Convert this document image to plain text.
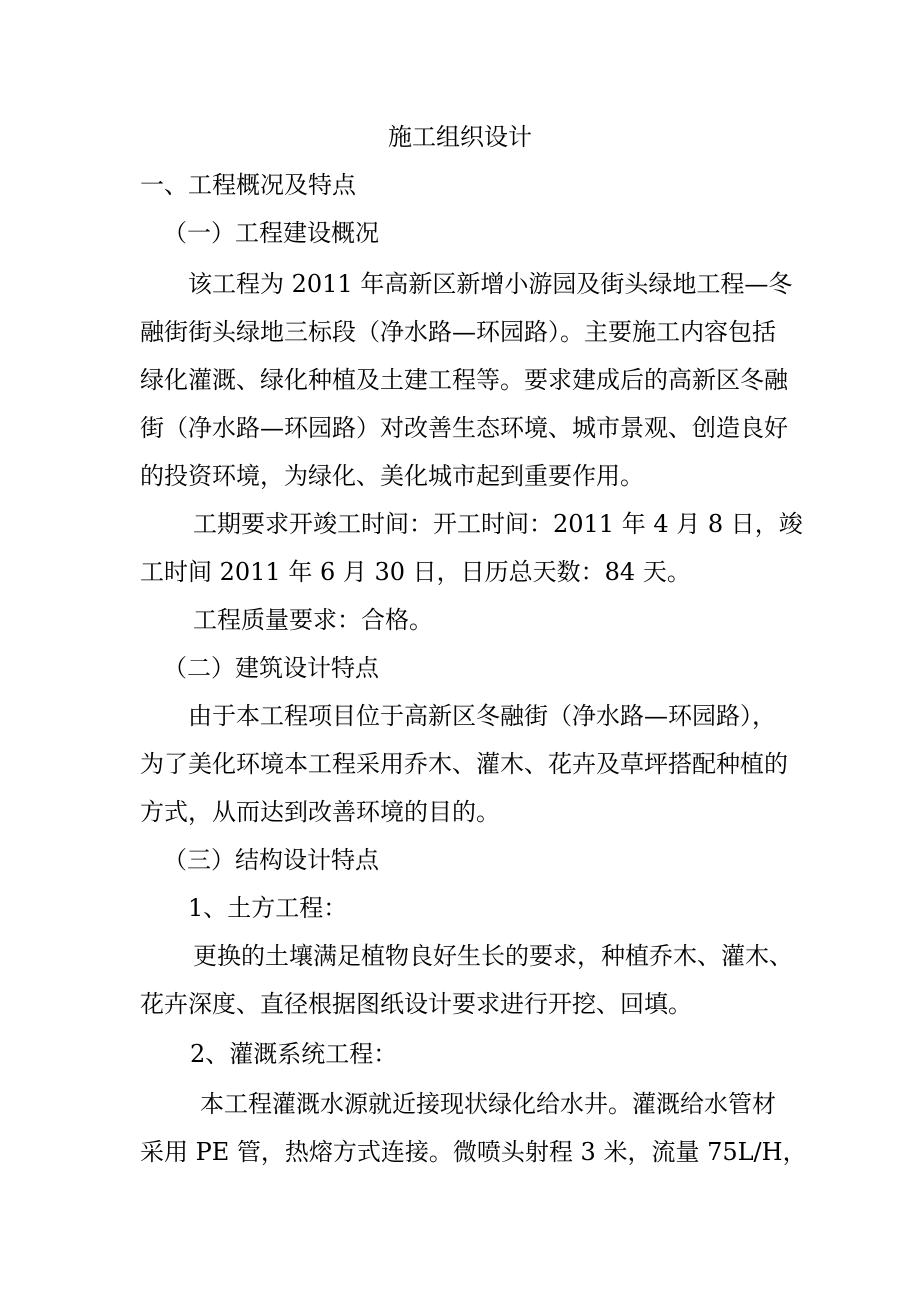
施工组织设计
一、工程概况及特点
（一）工程建设概况
该工程为 2011 年高新区新增小游园及街头绿地工程—冬
融街街头绿地三标段（净水路—环园路）。主要施工内容包括
绿化灌溉、绿化种植及土建工程等。要求建成后的高新区冬融
街（净水路—环园路）对改善生态环境、城市景观、创造良好
的投资环境，为绿化、美化城市起到重要作用。
工期要求开竣工时间：开工时间：2011 年 4 月 8 日，竣
工时间 2011 年 6 月 30 日，日历总天数：84 天。
工程质量要求：合格。
（二）建筑设计特点
由于本工程项目位于高新区冬融街（净水路—环园路），
为了美化环境本工程采用乔木、灌木、花卉及草坪搭配种植的
方式，从而达到改善环境的目的。
（三）结构设计特点
1、土方工程：
更换的土壤满足植物良好生长的要求，种植乔木、灌木、
花卉深度、直径根据图纸设计要求进行开挖、回填。
2、灌溉系统工程：
本工程灌溉水源就近接现状绿化给水井。灌溉给水管材
采用 PE 管，热熔方式连接。微喷头射程 3 米，流量 75L/H，
